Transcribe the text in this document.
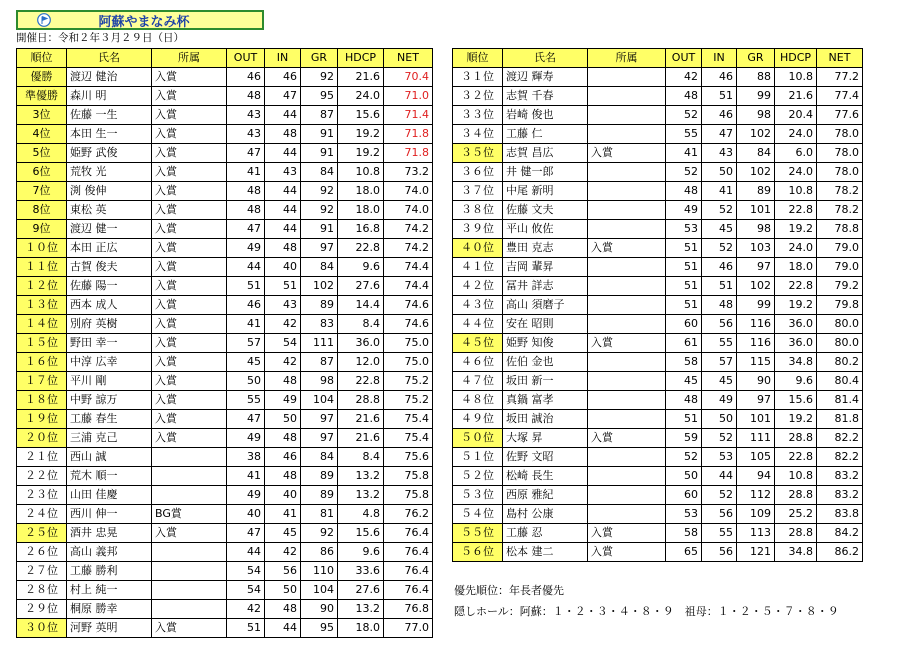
阿蘇やまなみ杯
開催日：令和２年３月２９日（日）
順位	氏名	所属	OUT	IN	GR	HDCP	NET
優勝	渡辺 健治	入賞	46	46	92	21.6	70.4
準優勝	森川 明	入賞	48	47	95	24.0	71.0
3位	佐藤 一生	入賞	43	44	87	15.6	71.4
4位	本田 生一	入賞	43	48	91	19.2	71.8
5位	姫野 武俊	入賞	47	44	91	19.2	71.8
6位	荒牧 光	入賞	41	43	84	10.8	73.2
7位	渕 俊伸	入賞	48	44	92	18.0	74.0
8位	東松 英	入賞	48	44	92	18.0	74.0
9位	渡辺 健一	入賞	47	44	91	16.8	74.2
１０位	本田 正広	入賞	49	48	97	22.8	74.2
１１位	古賀 俊夫	入賞	44	40	84	9.6	74.4
１２位	佐藤 陽一	入賞	51	51	102	27.6	74.4
１３位	西本 成人	入賞	46	43	89	14.4	74.6
１４位	別府 英樹	入賞	41	42	83	8.4	74.6
１５位	野田 幸一	入賞	57	54	111	36.0	75.0
１６位	中淳 広幸	入賞	45	42	87	12.0	75.0
１７位	平川 剛	入賞	50	48	98	22.8	75.2
１８位	中野 諒万	入賞	55	49	104	28.8	75.2
１９位	工藤 春生	入賞	47	50	97	21.6	75.4
２０位	三浦 克己	入賞	49	48	97	21.6	75.4
２１位	西山 誠		38	46	84	8.4	75.6
２２位	荒木 順一		41	48	89	13.2	75.8
２３位	山田 佳慶		49	40	89	13.2	75.8
２４位	西川 伸一	BG賞	40	41	81	4.8	76.2
２５位	酒井 忠晃	入賞	47	45	92	15.6	76.4
２６位	高山 義邦		44	42	86	9.6	76.4
２７位	工藤 勝利		54	56	110	33.6	76.4
２８位	村上 純一		54	50	104	27.6	76.4
２９位	桐原 勝幸		42	48	90	13.2	76.8
３０位	河野 英明	入賞	51	44	95	18.0	77.0
順位	氏名	所属	OUT	IN	GR	HDCP	NET
３１位	渡辺 輝寿		42	46	88	10.8	77.2
３２位	志賀 千春		48	51	99	21.6	77.4
３３位	岩崎 俊也		52	46	98	20.4	77.6
３４位	工藤 仁		55	47	102	24.0	78.0
３５位	志賀 昌広	入賞	41	43	84	6.0	78.0
３６位	井 健一郎		52	50	102	24.0	78.0
３７位	中尾 新明		48	41	89	10.8	78.2
３８位	佐藤 文夫		49	52	101	22.8	78.2
３９位	平山 攸佐		53	45	98	19.2	78.8
４０位	豊田 克志	入賞	51	52	103	24.0	79.0
４１位	吉岡 輩昇		51	46	97	18.0	79.0
４２位	冨井 詳志		51	51	102	22.8	79.2
４３位	高山 須磨子		51	48	99	19.2	79.8
４４位	安在 昭則		60	56	116	36.0	80.0
４５位	姫野 知俊	入賞	61	55	116	36.0	80.0
４６位	佐伯 金也		58	57	115	34.8	80.2
４７位	坂田 新一		45	45	90	9.6	80.4
４８位	真鍋 富孝		48	49	97	15.6	81.4
４９位	坂田 誠治		51	50	101	19.2	81.8
５０位	大塚 昇	入賞	59	52	111	28.8	82.2
５１位	佐野 文昭		52	53	105	22.8	82.2
５２位	松崎 長生		50	44	94	10.8	83.2
５３位	西原 雅紀		60	52	112	28.8	83.2
５４位	島村 公康		53	56	109	25.2	83.8
５５位	工藤 忍	入賞	58	55	113	28.8	84.2
５６位	松本 建二	入賞	65	56	121	34.8	86.2
優先順位：年長者優先
隠しホール：阿蘇：１・２・３・４・８・９　祖母：１・２・５・７・８・９
